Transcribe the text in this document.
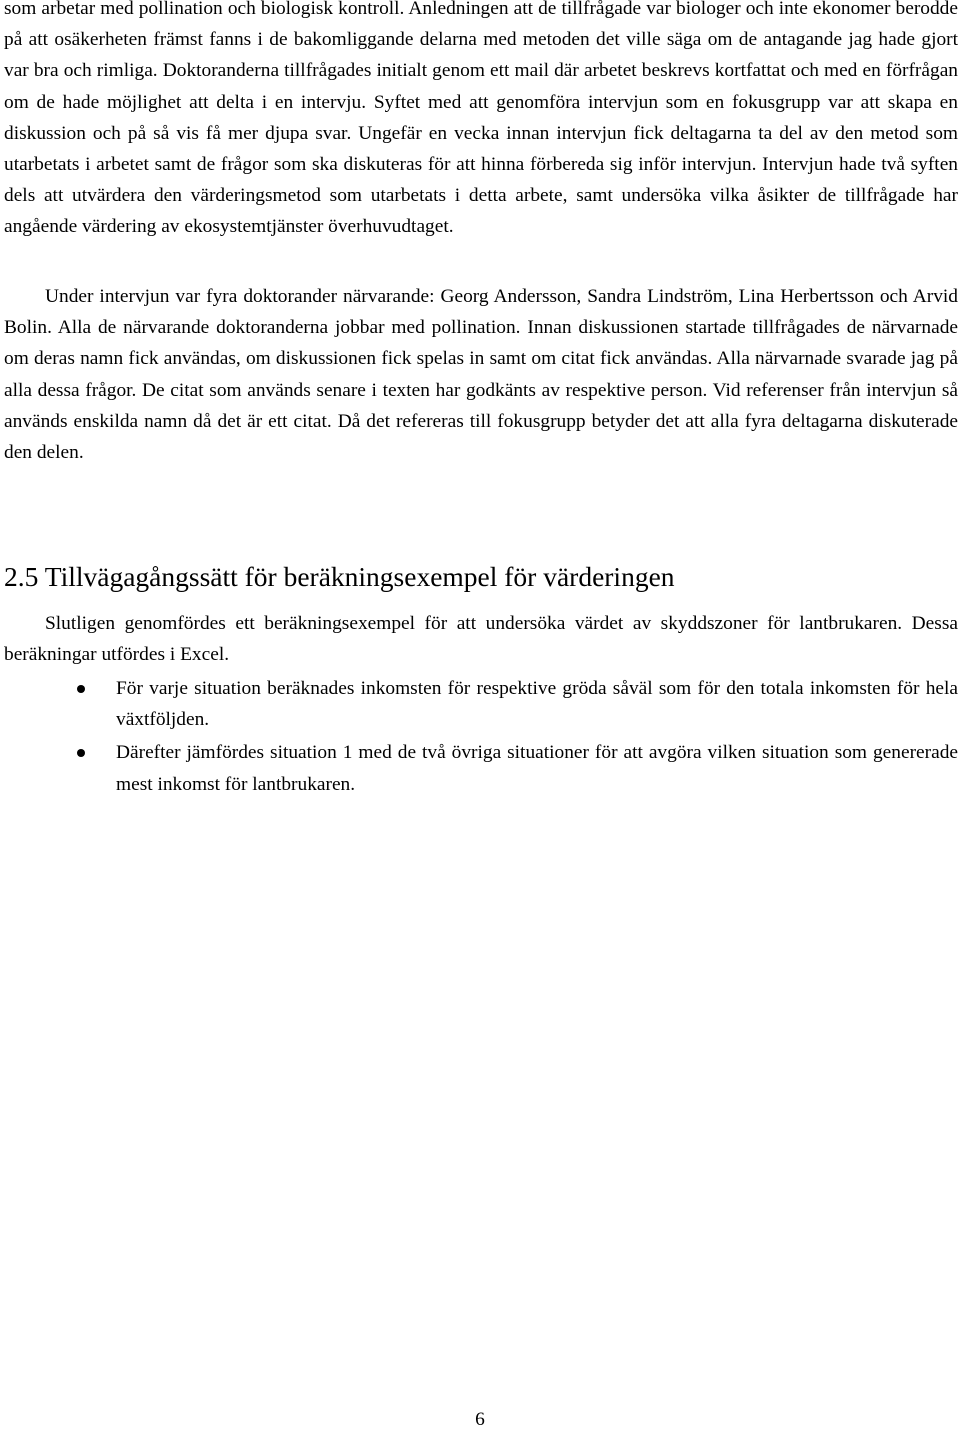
som arbetar med pollination och biologisk kontroll. Anledningen att de tillfrågade var biologer och inte ekonomer berodde på att osäkerheten främst fanns i de bakomliggande delarna med metoden det ville säga om de antagande jag hade gjort var bra och rimliga. Doktoranderna tillfrågades initialt genom ett mail där arbetet beskrevs kortfattat och med en förfrågan om de hade möjlighet att delta i en intervju. Syftet med att genomföra intervjun som en fokusgrupp var att skapa en diskussion och på så vis få mer djupa svar. Ungefär en vecka innan intervjun fick deltagarna ta del av den metod som utarbetats i arbetet samt de frågor som ska diskuteras för att hinna förbereda sig inför intervjun. Intervjun hade två syften dels att utvärdera den värderingsmetod som utarbetats i detta arbete, samt undersöka vilka åsikter de tillfrågade har angående värdering av ekosystemtjänster överhuvudtaget.

Under intervjun var fyra doktorander närvarande: Georg Andersson, Sandra Lindström, Lina Herbertsson och Arvid Bolin. Alla de närvarande doktoranderna jobbar med pollination. Innan diskussionen startade tillfrågades de närvarnade om deras namn fick användas, om diskussionen fick spelas in samt om citat fick användas. Alla närvarnade svarade jag på alla dessa frågor. De citat som används senare i texten har godkänts av respektive person. Vid referenser från intervjun så används enskilda namn då det är ett citat. Då det refereras till fokusgrupp betyder det att alla fyra deltagarna diskuterade den delen.

2.5 Tillvägagångssätt för beräkningsexempel för värderingen

Slutligen genomfördes ett beräkningsexempel för att undersöka värdet av skyddszoner för lantbrukaren. Dessa beräkningar utfördes i Excel.

För varje situation beräknades inkomsten för respektive gröda såväl som för den totala inkomsten för hela växtföljden.
Därefter jämfördes situation 1 med de två övriga situationer för att avgöra vilken situation som genererade mest inkomst för lantbrukaren.
6
